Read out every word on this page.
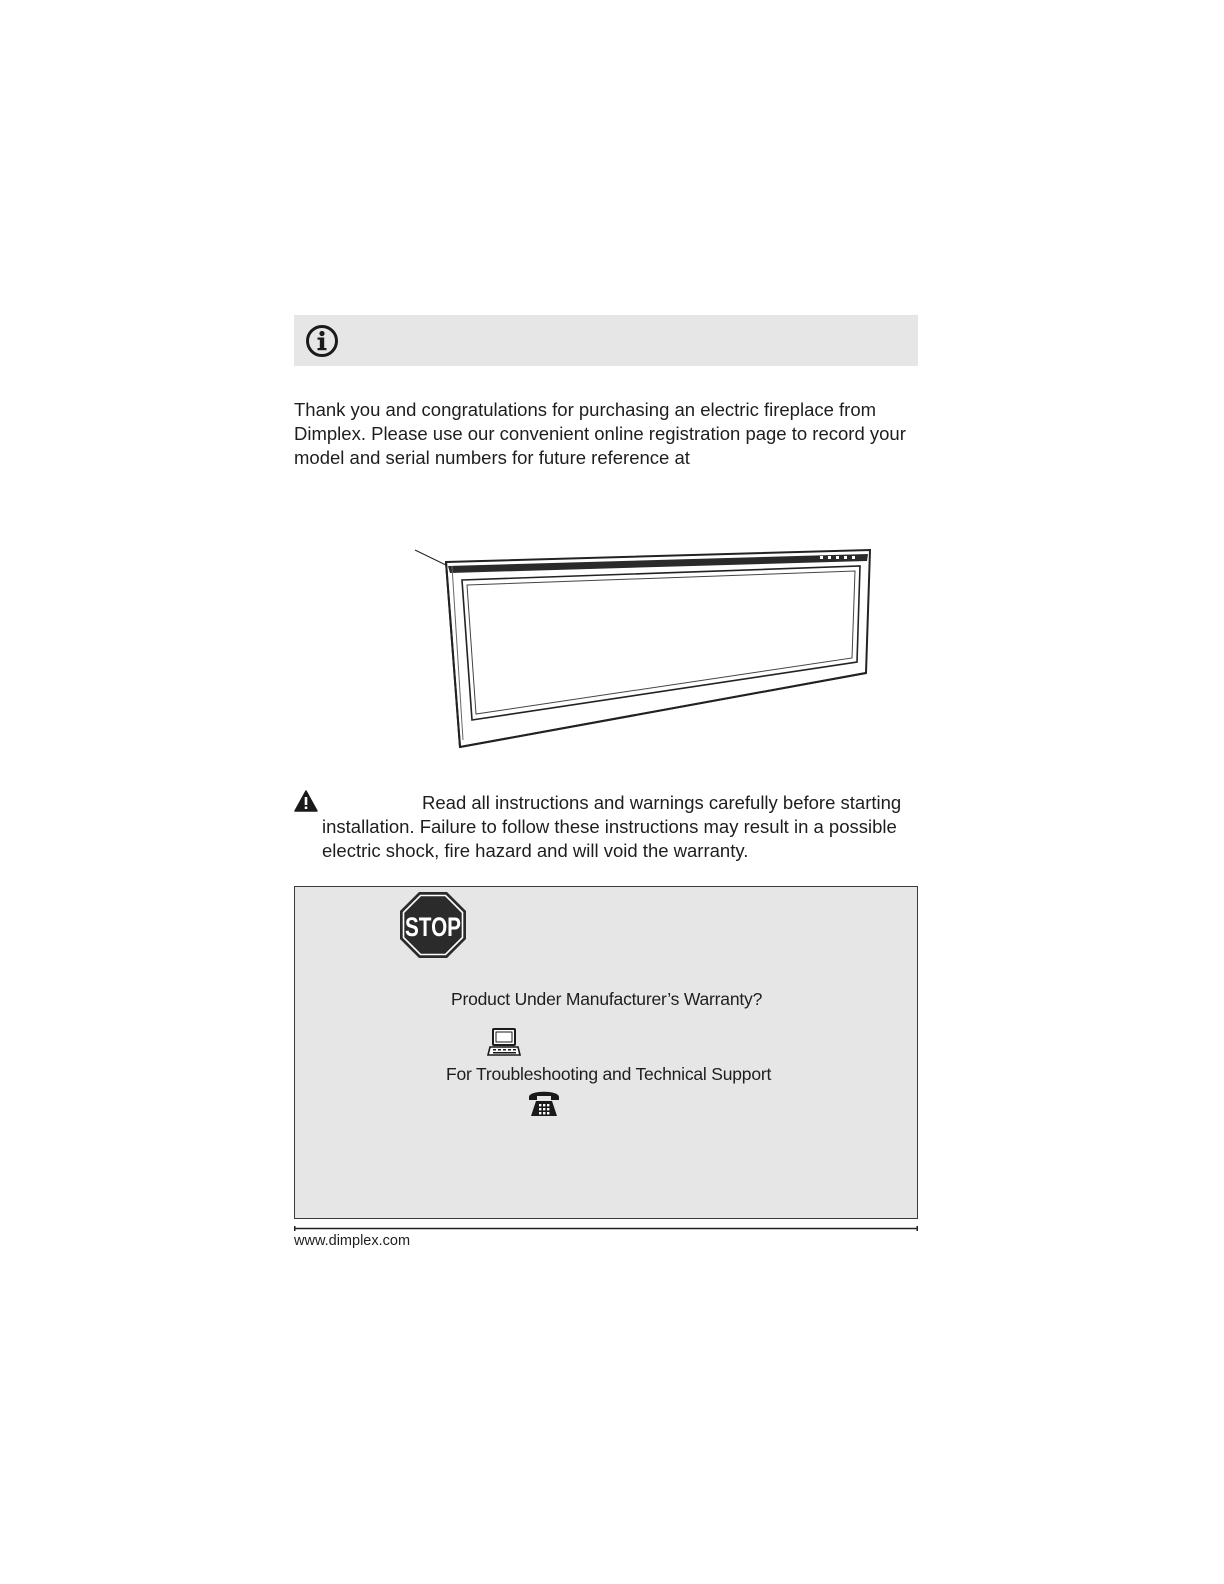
Thank you and congratulations for purchasing an electric fireplace from Dimplex. Please use our convenient online registration page to record your model and serial numbers for future reference at

Read all instructions and warnings carefully before starting
installation. Failure to follow these instructions may result in a possible electric shock, fire hazard and will void the warranty.

STOP
Product Under Manufacturer’s Warranty?
For Troubleshooting and Technical Support
www.dimplex.com
